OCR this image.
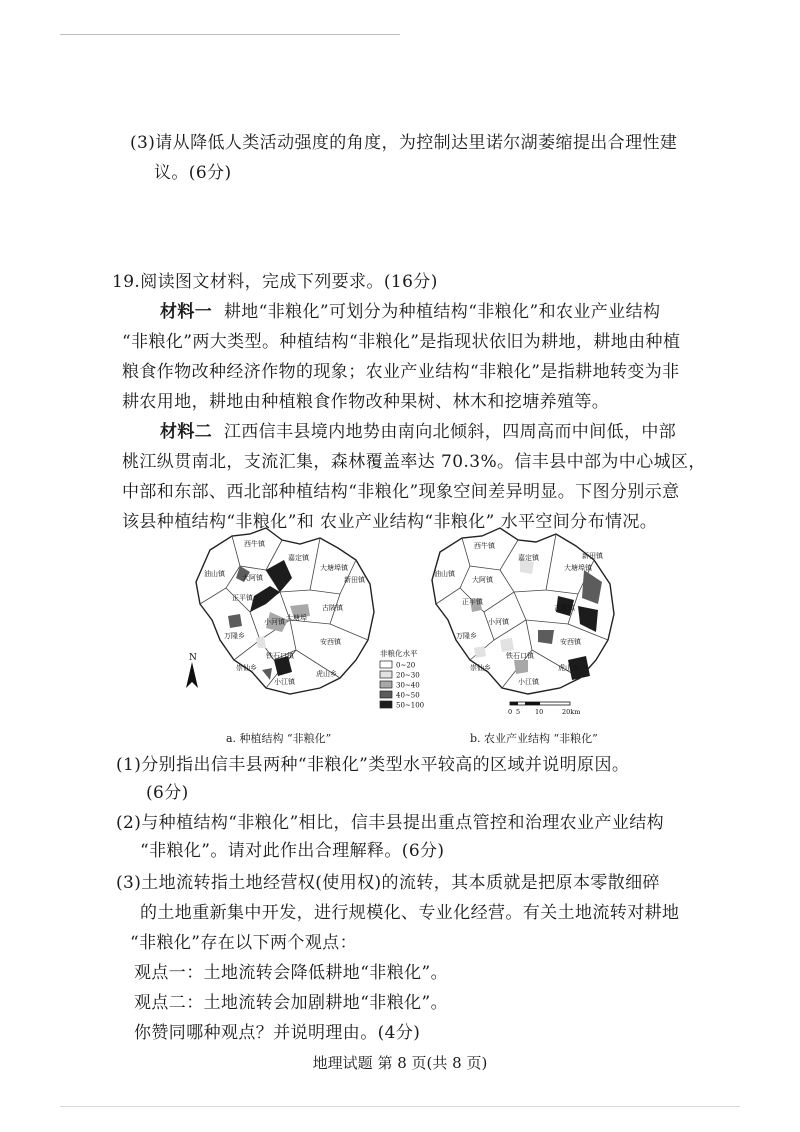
(3)请从降低人类活动强度的角度，为控制达里诺尔湖萎缩提出合理性建
议。(6分)
19.阅读图文材料，完成下列要求。(16分)
材料一 耕地“非粮化”可划分为种植结构“非粮化”和农业产业结构
“非粮化”两大类型。种植结构“非粮化”是指现状依旧为耕地，耕地由种植
粮食作物改种经济作物的现象；农业产业结构“非粮化”是指耕地转变为非
耕农用地，耕地由种植粮食作物改种果树、林木和挖塘养殖等。
材料二 江西信丰县境内地势由南向北倾斜，四周高而中间低，中部
桃江纵贯南北，支流汇集，森林覆盖率达 70.3%。信丰县中部为中心城区，
中部和东部、西北部种植结构“非粮化”现象空间差异明显。下图分别示意
该县种植结构“非粮化”和 农业产业结构“非粮化” 水平空间分布情况。
西牛镇
油山镇 大阿镇
嘉定镇
大塘埠镇
新田镇
正平镇
古陂镇
小河镇 大塘埠
万隆乡
铁石口镇
安西镇
崇仙乡
小江镇
虎山乡
N	非粮化水平
0~20
20~30
30~40
40~50
50~100
西牛镇
油山镇
大阿镇
嘉定镇
大塘埠镇
新田镇
正平镇
小河镇
古陂镇
万隆乡
安西镇
铁石口镇
崇仙乡	虎山乡
小江镇
0 5 10	20km
a. 种植结构 “非粮化”	b. 农业产业结构 “非粮化”
(1)分别指出信丰县两种“非粮化”类型水平较高的区域并说明原因。
(6分)
(2)与种植结构“非粮化”相比，信丰县提出重点管控和治理农业产业结构
“非粮化”。请对此作出合理解释。(6分)
(3)土地流转指土地经营权(使用权)的流转，其本质就是把原本零散细碎
的土地重新集中开发，进行规模化、专业化经营。有关土地流转对耕地
“非粮化”存在以下两个观点：
观点一：土地流转会降低耕地“非粮化”。
观点二：土地流转会加剧耕地“非粮化”。
你赞同哪种观点？并说明理由。(4分)
地理试题 第 8 页(共 8 页)
